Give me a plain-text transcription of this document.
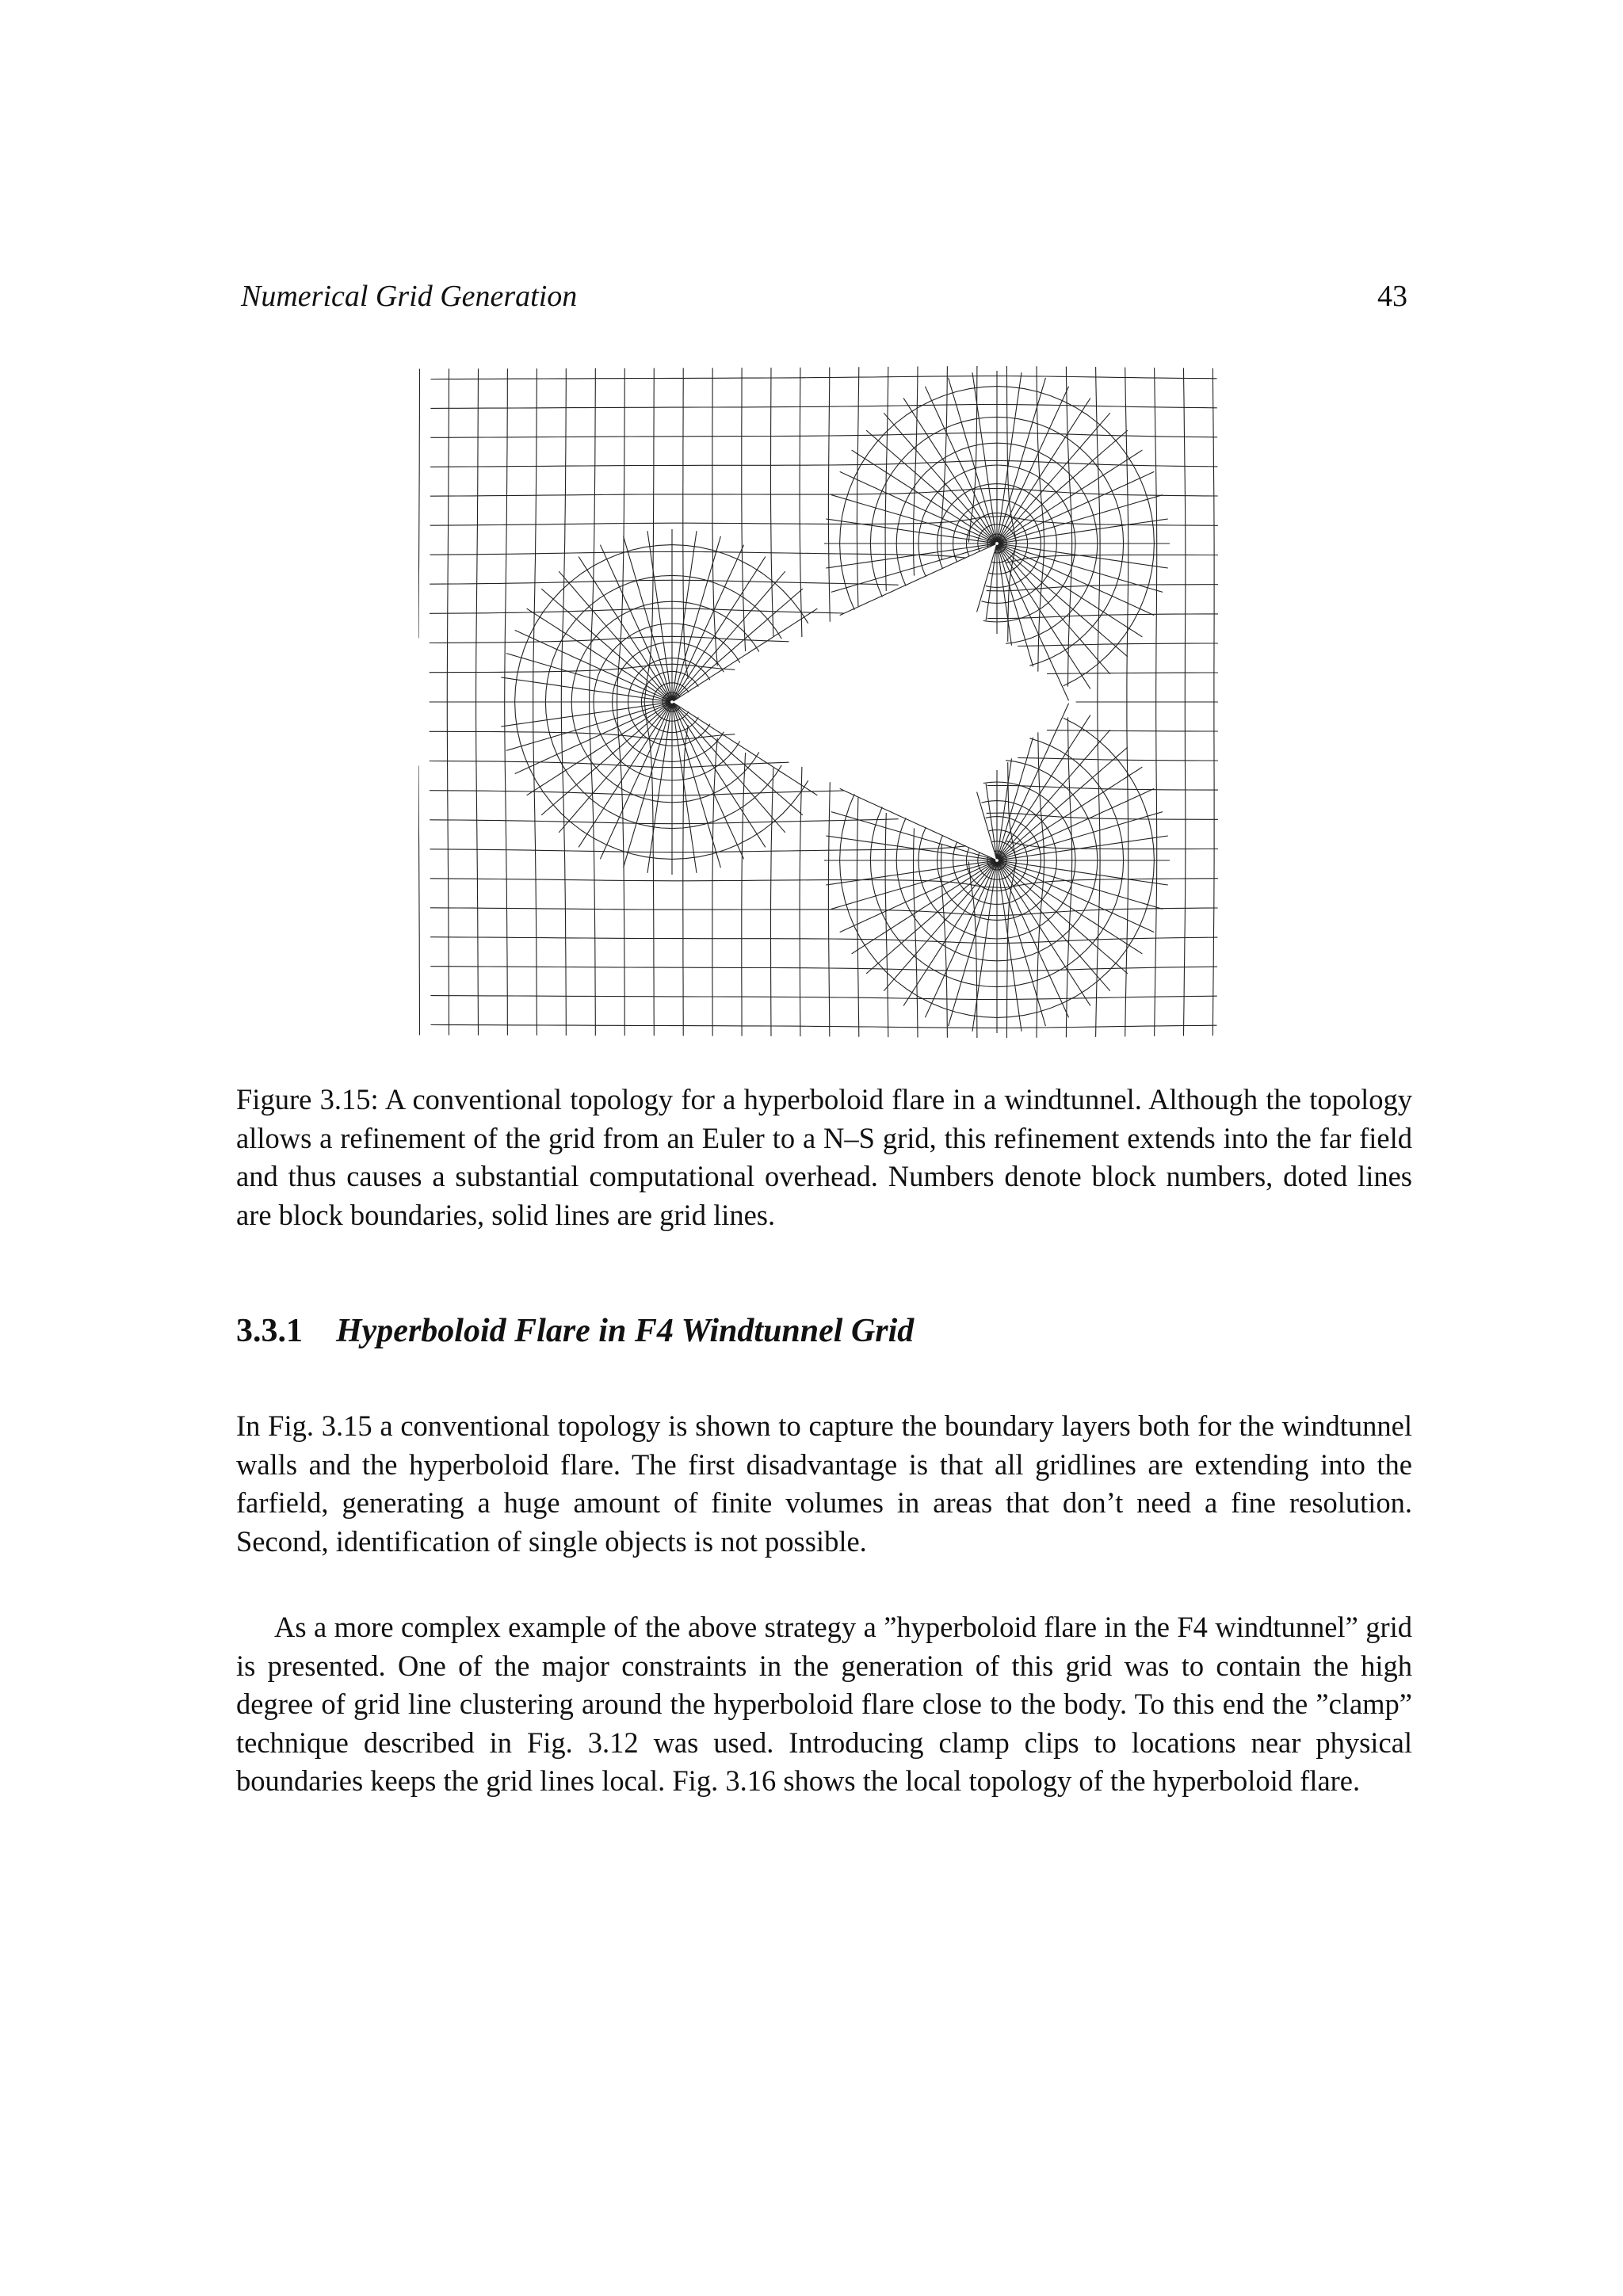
Numerical Grid Generation	43

Figure 3.15: A conventional topology for a hyperboloid flare in a windtunnel. Although the topology allows a refinement of the grid from an Euler to a N–S grid, this refinement extends into the far field and thus causes a substantial computational overhead. Numbers denote block numbers, doted lines are block boundaries, solid lines are grid lines.

3.3.1 Hyperboloid Flare in F4 Windtunnel Grid

In Fig. 3.15 a conventional topology is shown to capture the boundary layers both for the windtunnel walls and the hyperboloid flare. The first disadvantage is that all gridlines are extending into the farfield, generating a huge amount of finite volumes in areas that don’t need a fine resolution. Second, identification of single objects is not possible.

As a more complex example of the above strategy a ”hyperboloid flare in the F4 windtunnel” grid is presented. One of the major constraints in the generation of this grid was to contain the high degree of grid line clustering around the hyperboloid flare close to the body. To this end the ”clamp” technique described in Fig. 3.12 was used. Introducing clamp clips to locations near physical boundaries keeps the grid lines local. Fig. 3.16 shows the local topology of the hyperboloid flare.
